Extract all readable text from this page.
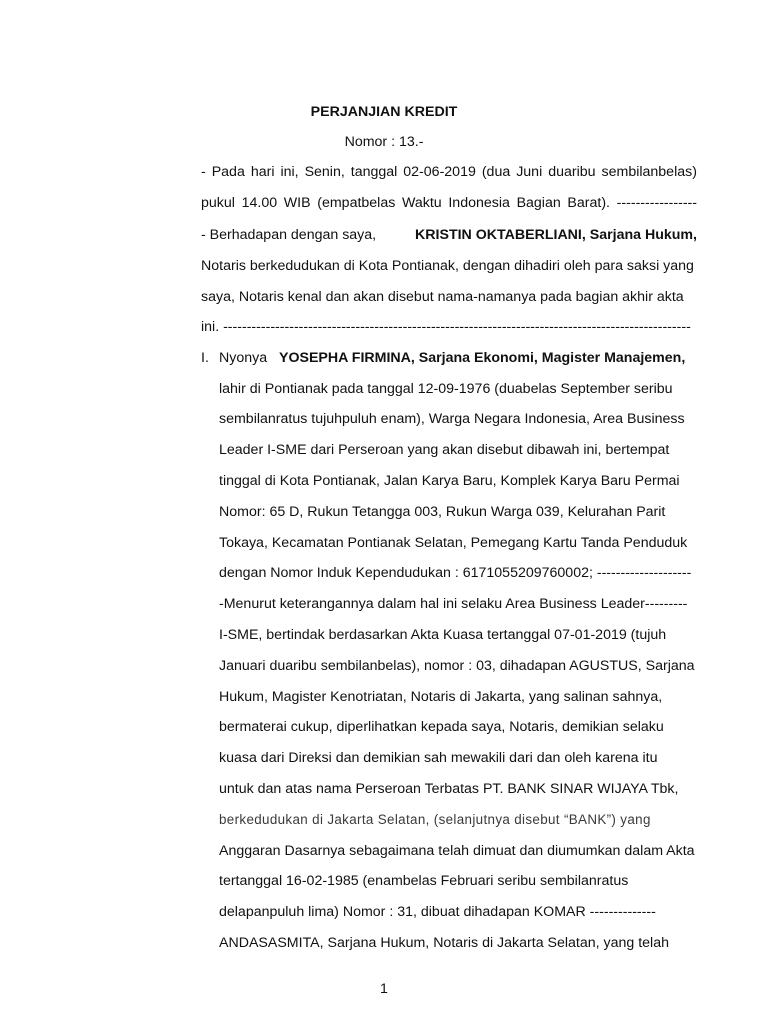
PERJANJIAN KREDIT
Nomor : 13.-
- Pada hari ini, Senin, tanggal 02-06-2019 (dua Juni duaribu sembilanbelas)
pukul 14.00 WIB (empatbelas Waktu Indonesia Bagian Barat). -----------------
- Berhadapan dengan saya,	KRISTIN OKTABERLIANI, Sarjana Hukum,
Notaris berkedudukan di Kota Pontianak, dengan dihadiri oleh para saksi yang
saya, Notaris kenal dan akan disebut nama-namanya pada bagian akhir akta
ini. ---------------------------------------------------------------------------------------------------
I. Nyonya YOSEPHA FIRMINA, Sarjana Ekonomi, Magister Manajemen,
lahir di Pontianak pada tanggal 12-09-1976 (duabelas September seribu
sembilanratus tujuhpuluh enam), Warga Negara Indonesia, Area Business
Leader I-SME dari Perseroan yang akan disebut dibawah ini, bertempat
tinggal di Kota Pontianak, Jalan Karya Baru, Komplek Karya Baru Permai
Nomor: 65 D, Rukun Tetangga 003, Rukun Warga 039, Kelurahan Parit
Tokaya, Kecamatan Pontianak Selatan, Pemegang Kartu Tanda Penduduk
dengan Nomor Induk Kependudukan : 6171055209760002; --------------------
-Menurut keterangannya dalam hal ini selaku Area Business Leader---------
I-SME, bertindak berdasarkan Akta Kuasa tertanggal 07-01-2019 (tujuh
Januari duaribu sembilanbelas), nomor : 03, dihadapan AGUSTUS, Sarjana
Hukum, Magister Kenotriatan, Notaris di Jakarta, yang salinan sahnya,
bermaterai cukup, diperlihatkan kepada saya, Notaris, demikian selaku
kuasa dari Direksi dan demikian sah mewakili dari dan oleh karena itu
untuk dan atas nama Perseroan Terbatas PT. BANK SINAR WIJAYA Tbk,
berkedudukan di Jakarta Selatan, (selanjutnya disebut “BANK”) yang
Anggaran Dasarnya sebagaimana telah dimuat dan diumumkan dalam Akta
tertanggal 16-02-1985 (enambelas Februari seribu sembilanratus
delapanpuluh lima) Nomor : 31, dibuat dihadapan KOMAR --------------
ANDASASMITA, Sarjana Hukum, Notaris di Jakarta Selatan, yang telah
1
